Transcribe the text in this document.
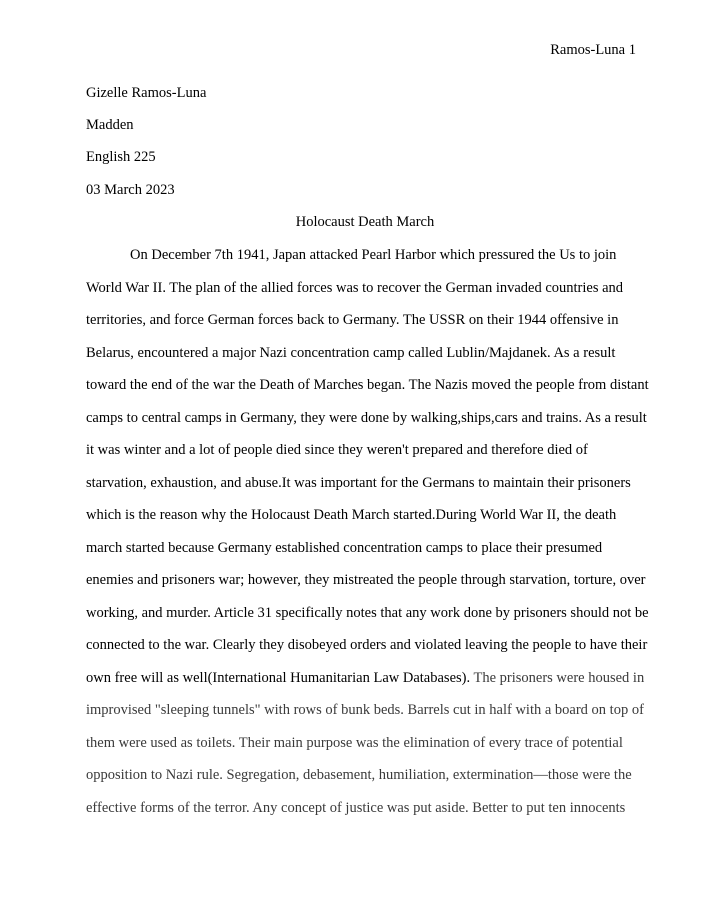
Ramos-Luna 1
Gizelle Ramos-Luna
Madden
English 225
03 March 2023
Holocaust Death March
On December 7th 1941, Japan attacked Pearl Harbor which pressured the Us to join
World War II. The plan of the allied forces was to recover the German invaded countries and
territories, and force German forces back to Germany. The USSR on their 1944 offensive in
Belarus, encountered a major Nazi concentration camp called Lublin/Majdanek. As a result
toward the end of the war the Death of Marches began. The Nazis moved the people from distant
camps to central camps in Germany, they were done by walking,ships,cars and trains. As a result
it was winter and a lot of people died since they weren't prepared and therefore died of
starvation, exhaustion, and abuse.It was important for the Germans to maintain their prisoners
which is the reason why the Holocaust Death March started.During World War II, the death
march started because Germany established concentration camps to place their presumed
enemies and prisoners war; however, they mistreated the people through starvation, torture, over
working, and murder. Article 31 specifically notes that any work done by prisoners should not be
connected to the war. Clearly they disobeyed orders and violated leaving the people to have their
own free will as well(International Humanitarian Law Databases). The prisoners were housed in
improvised "sleeping tunnels" with rows of bunk beds. Barrels cut in half with a board on top of
them were used as toilets. Their main purpose was the elimination of every trace of potential
opposition to Nazi rule. Segregation, debasement, humiliation, extermination—those were the
effective forms of the terror. Any concept of justice was put aside. Better to put ten innocents
